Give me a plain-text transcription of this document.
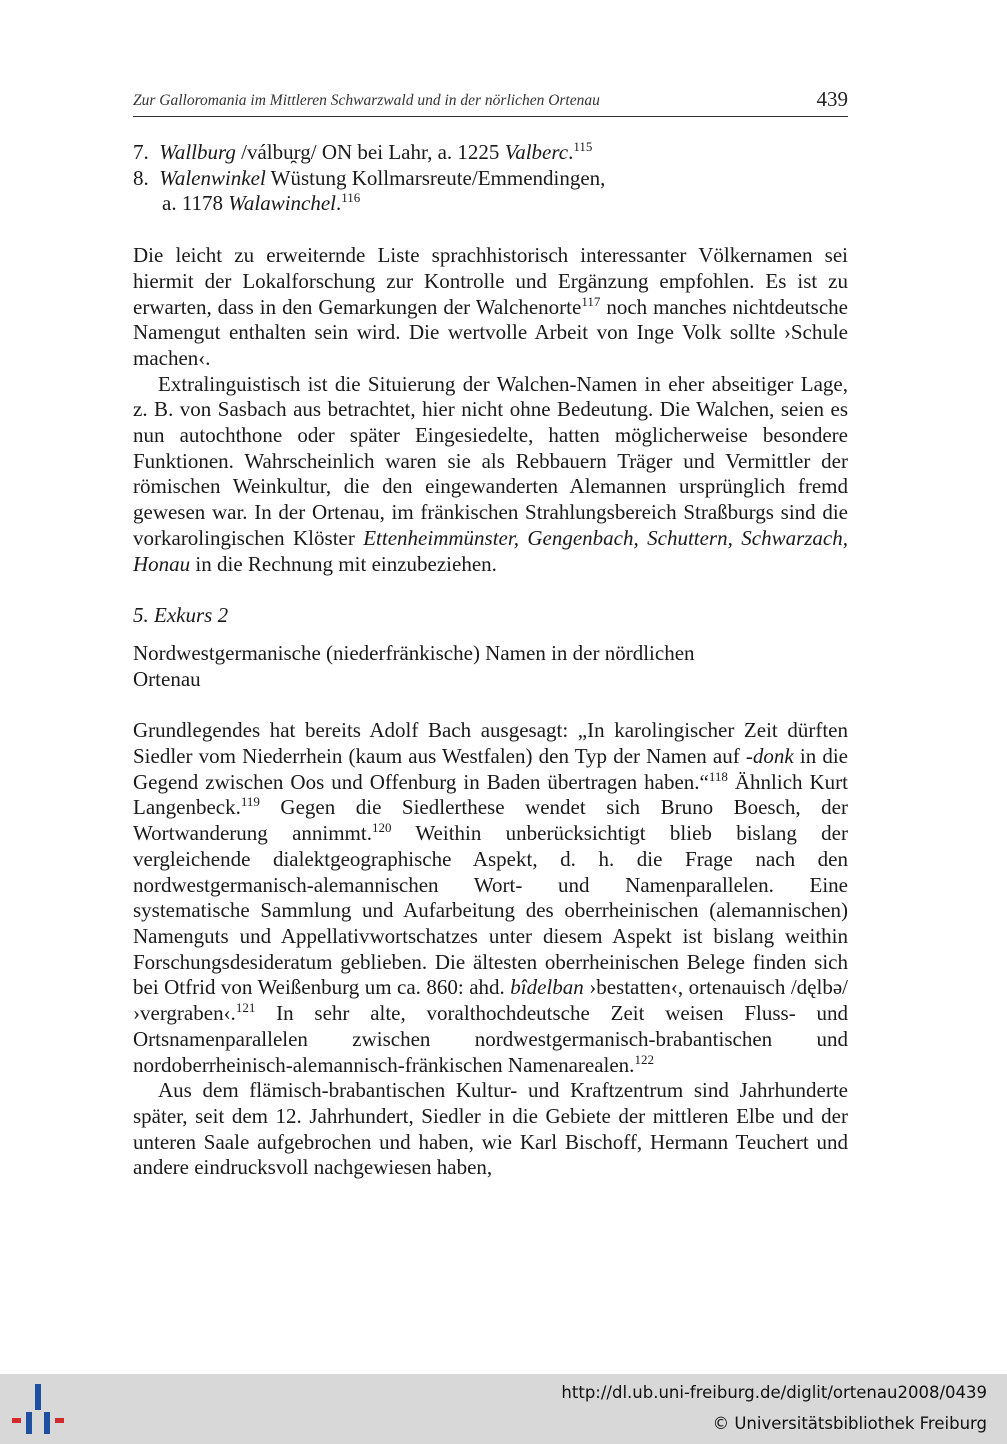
Zur Galloromania im Mittleren Schwarzwald und in der nörlichen Ortenau	439
7. Wallburg /válbu̯rg/ ON bei Lahr, a. 1225 Valberc.$^{115}$
8. Walenwinkel Wüstung Kollmarsreute/Emmendingen,
a. 1178 Walawinchel.$^{116}$

Die leicht zu erweiternde Liste sprachhistorisch interessanter Völkernamen sei hiermit der Lokalforschung zur Kontrolle und Ergänzung empfohlen. Es ist zu erwarten, dass in den Gemarkungen der Walchenorte$^{117}$ noch manches nichtdeutsche Namengut enthalten sein wird. Die wertvolle Arbeit von Inge Volk sollte ›Schule machen‹.

Extralinguistisch ist die Situierung der Walchen-Namen in eher abseitiger Lage, z. B. von Sasbach aus betrachtet, hier nicht ohne Bedeutung. Die Walchen, seien es nun autochthone oder später Eingesiedelte, hatten möglicherweise besondere Funktionen. Wahrscheinlich waren sie als Rebbauern Träger und Vermittler der römischen Weinkultur, die den eingewanderten Alemannen ursprünglich fremd gewesen war. In der Ortenau, im fränkischen Strahlungsbereich Straßburgs sind die vorkarolingischen Klöster Ettenheimmünster, Gengenbach, Schuttern, Schwarzach, Honau in die Rechnung mit einzubeziehen.

5. Exkurs 2

Nordwestgermanische (niederfränkische) Namen in der nördlichen
Ortenau

Grundlegendes hat bereits Adolf Bach ausgesagt: „In karolingischer Zeit dürften Siedler vom Niederrhein (kaum aus Westfalen) den Typ der Namen auf -donk in die Gegend zwischen Oos und Offenburg in Baden übertragen haben.“$^{118}$ Ähnlich Kurt Langenbeck.$^{119}$ Gegen die Siedlerthese wendet sich Bruno Boesch, der Wortwanderung annimmt.$^{120}$ Weithin unberücksichtigt blieb bislang der vergleichende dialektgeographische Aspekt, d. h. die Frage nach den nordwestgermanisch-alemannischen Wort- und Namenparallelen. Eine systematische Sammlung und Aufarbeitung des oberrheinischen (alemannischen) Namenguts und Appellativwortschatzes unter diesem Aspekt ist bislang weithin Forschungsdesideratum geblieben. Die ältesten oberrheinischen Belege finden sich bei Otfrid von Weißenburg um ca. 860: ahd. bîdelban ›bestatten‹, ortenauisch /dęlbə/ ›vergraben‹.$^{121}$ In sehr alte, voralthochdeutsche Zeit weisen Fluss- und Ortsnamenparallelen zwischen nordwestgermanisch-brabantischen und nordoberrheinisch-alemannisch-fränkischen Namenarealen.$^{122}$

Aus dem flämisch-brabantischen Kultur- und Kraftzentrum sind Jahrhunderte später, seit dem 12. Jahrhundert, Siedler in die Gebiete der mittleren Elbe und der unteren Saale aufgebrochen und haben, wie Karl Bischoff, Hermann Teuchert und andere eindrucksvoll nachgewiesen haben,

http://dl.ub.uni-freiburg.de/diglit/ortenau2008/0439
© Universitätsbibliothek Freiburg
